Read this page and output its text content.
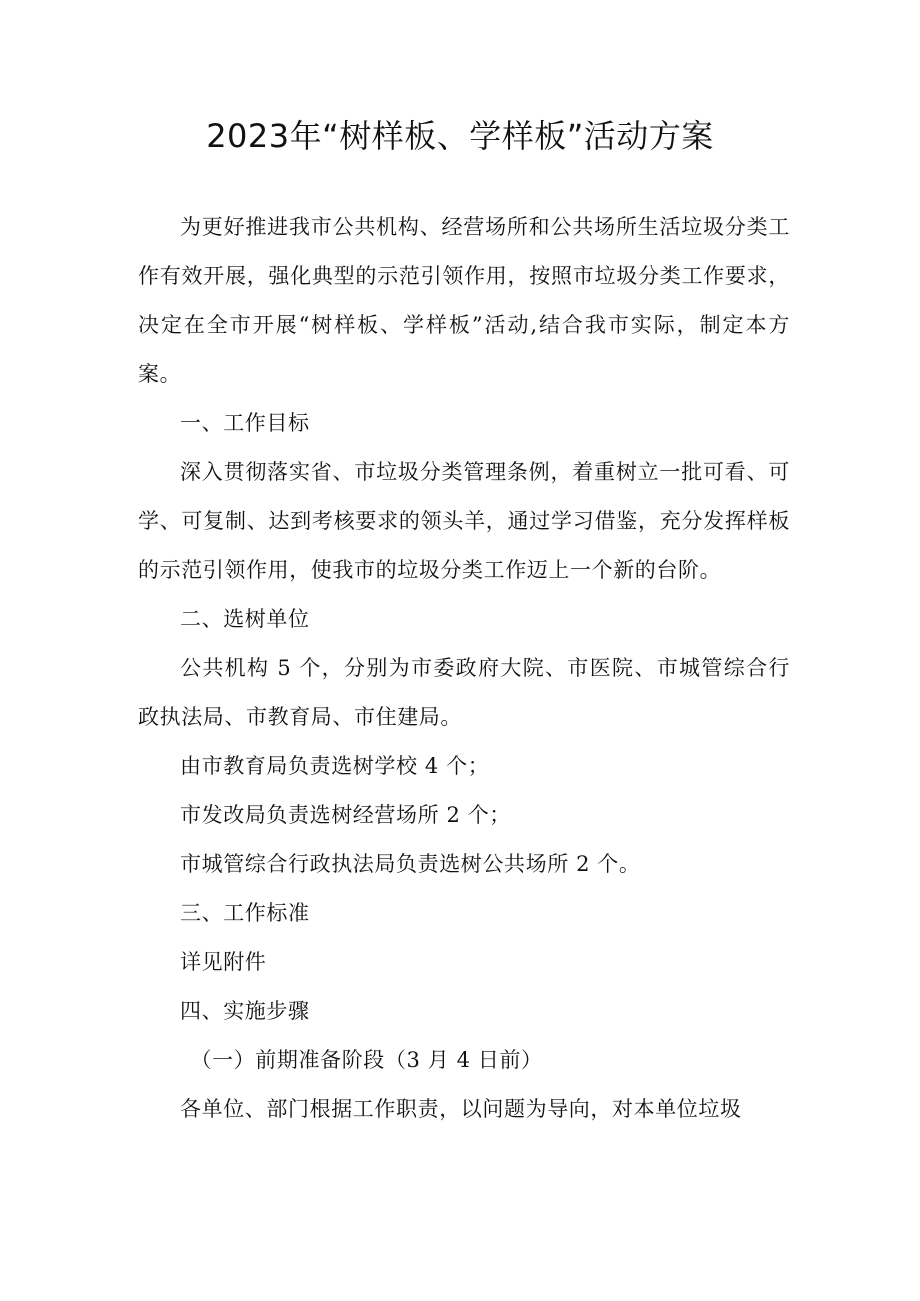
2023年“树样板、学样板”活动方案

为更好推进我市公共机构、经营场所和公共场所生活垃圾分类工作有效开展，强化典型的示范引领作用，按照市垃圾分类工作要求，决定在全市开展“树样板、学样板”活动,结合我市实际，制定本方案。

一、工作目标

深入贯彻落实省、市垃圾分类管理条例，着重树立一批可看、可学、可复制、达到考核要求的领头羊，通过学习借鉴，充分发挥样板的示范引领作用，使我市的垃圾分类工作迈上一个新的台阶。

二、选树单位

公共机构 5 个，分别为市委政府大院、市医院、市城管综合行政执法局、市教育局、市住建局。

由市教育局负责选树学校 4 个；

市发改局负责选树经营场所 2 个；

市城管综合行政执法局负责选树公共场所 2 个。

三、工作标准

详见附件

四、实施步骤

（一）前期准备阶段（3 月 4 日前）

各单位、部门根据工作职责，以问题为导向，对本单位垃圾
